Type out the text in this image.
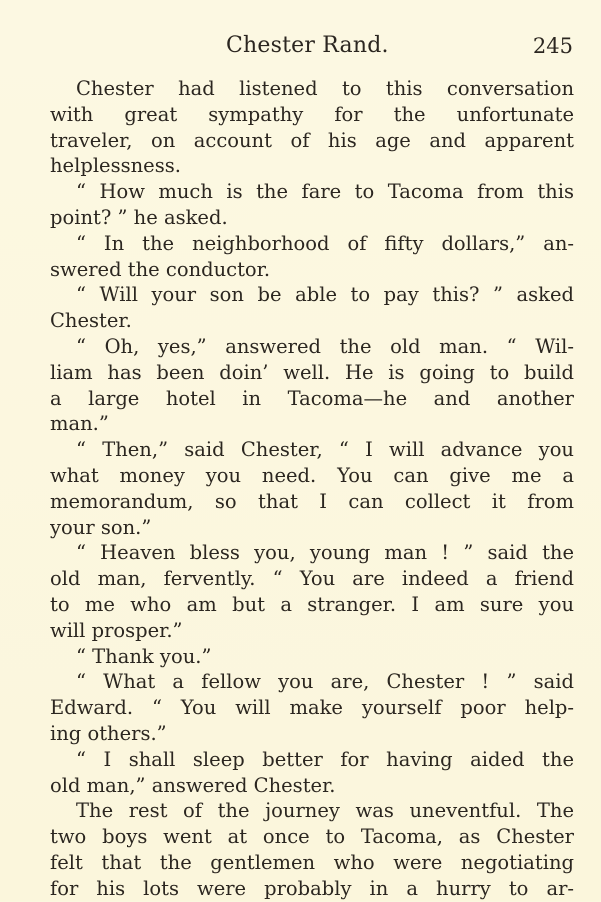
Chester Rand.	245
Chester had listened to this conversation
with great sympathy for the unfortunate
traveler, on account of his age and apparent
helplessness.
“ How much is the fare to Tacoma from this
point? ” he asked.
“ In the neighborhood of fifty dollars,” an-
swered the conductor.
“ Will your son be able to pay this? ” asked
Chester.
“ Oh, yes,” answered the old man. “ Wil-
liam has been doin’ well. He is going to build
a large hotel in Tacoma—he and another
man.”
“ Then,” said Chester, “ I will advance you
what money you need. You can give me a
memorandum, so that I can collect it from
your son.”
“ Heaven bless you, young man ! ” said the
old man, fervently. “ You are indeed a friend
to me who am but a stranger. I am sure you
will prosper.”
“ Thank you.”
“ What a fellow you are, Chester ! ” said
Edward. “ You will make yourself poor help-
ing others.”
“ I shall sleep better for having aided the
old man,” answered Chester.
The rest of the journey was uneventful. The
two boys went at once to Tacoma, as Chester
felt that the gentlemen who were negotiating
for his lots were probably in a hurry to ar-
